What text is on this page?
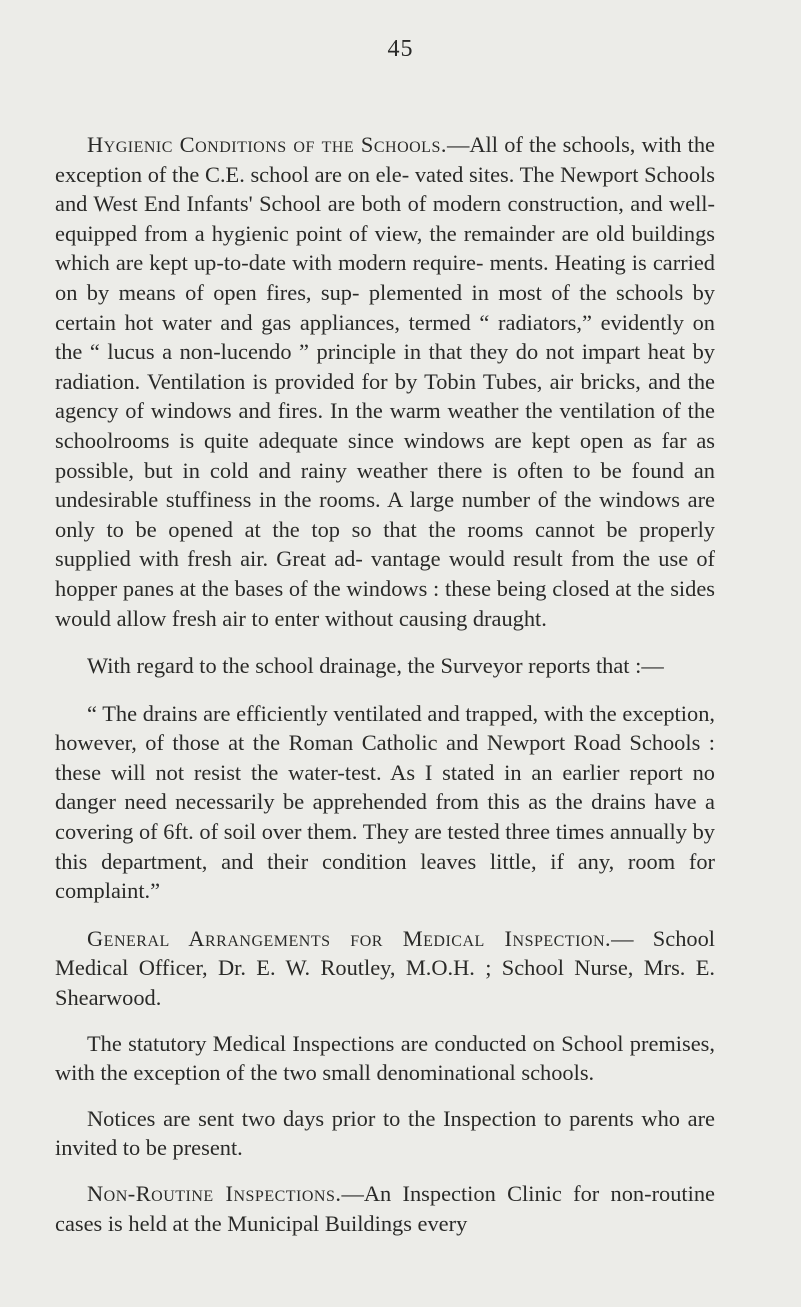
45

Hygienic Conditions of the Schools.—All of the schools, with the exception of the C.E. school are on ele- vated sites. The Newport Schools and West End Infants' School are both of modern construction, and well-equipped from a hygienic point of view, the remainder are old buildings which are kept up-to-date with modern require- ments. Heating is carried on by means of open fires, sup- plemented in most of the schools by certain hot water and gas appliances, termed “ radiators,” evidently on the “ lucus a non-lucendo ” principle in that they do not impart heat by radiation. Ventilation is provided for by Tobin Tubes, air bricks, and the agency of windows and fires. In the warm weather the ventilation of the schoolrooms is quite adequate since windows are kept open as far as possible, but in cold and rainy weather there is often to be found an undesirable stuffiness in the rooms. A large number of the windows are only to be opened at the top so that the rooms cannot be properly supplied with fresh air. Great ad- vantage would result from the use of hopper panes at the bases of the windows : these being closed at the sides would allow fresh air to enter without causing draught.

With regard to the school drainage, the Surveyor reports that :—

“ The drains are efficiently ventilated and trapped, with the exception, however, of those at the Roman Catholic and Newport Road Schools : these will not resist the water-test. As I stated in an earlier report no danger need necessarily be apprehended from this as the drains have a covering of 6ft. of soil over them. They are tested three times annually by this department, and their condition leaves little, if any, room for complaint.”

General Arrangements for Medical Inspection.— School Medical Officer, Dr. E. W. Routley, M.O.H. ; School Nurse, Mrs. E. Shearwood.

The statutory Medical Inspections are conducted on School premises, with the exception of the two small denominational schools.

Notices are sent two days prior to the Inspection to parents who are invited to be present.

Non-Routine Inspections.—An Inspection Clinic for non-routine cases is held at the Municipal Buildings every
